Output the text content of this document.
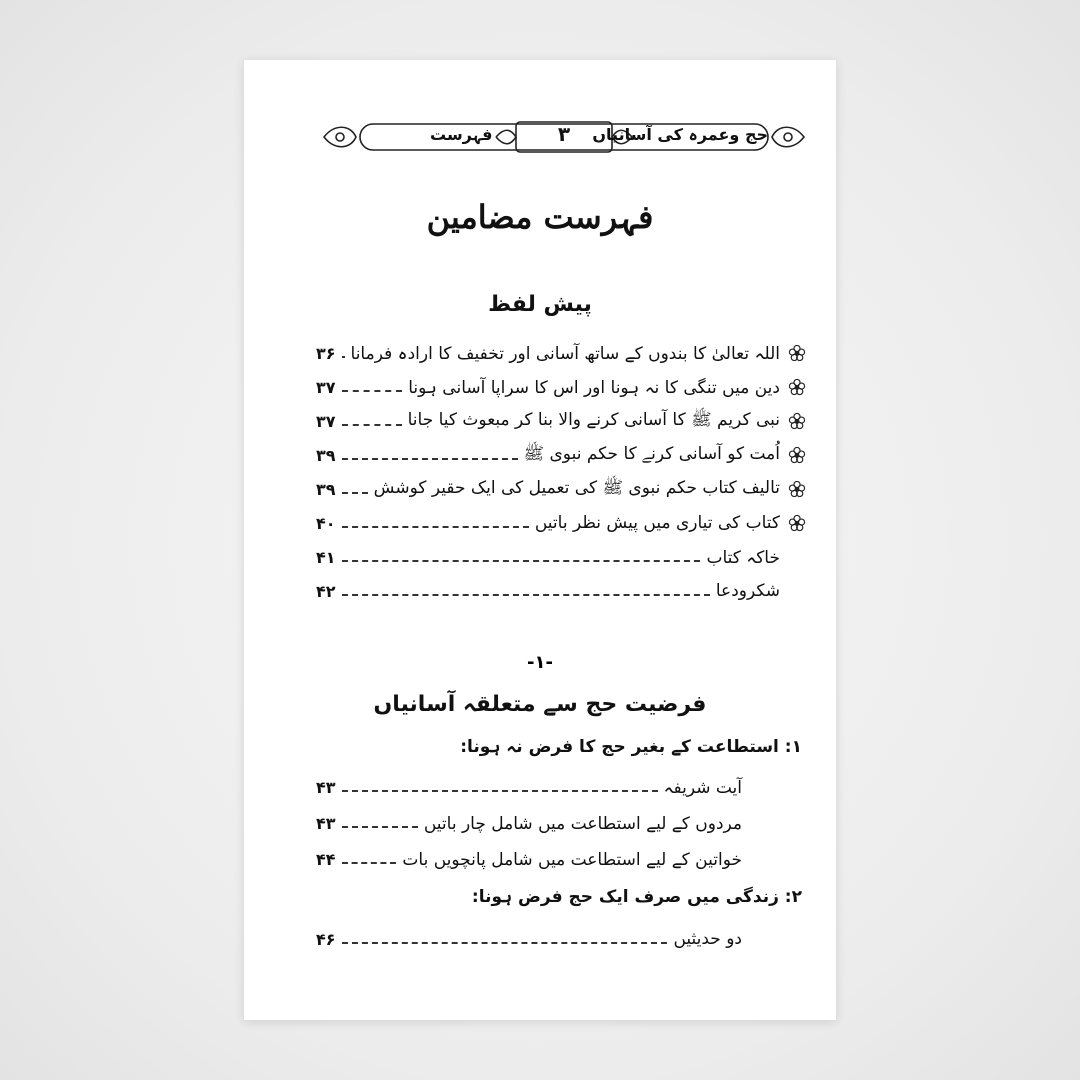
حج وعمرہ کی آسانیاں
۳
فہرست
فہرست مضامین
پیش لفظ
اللہ تعالیٰ کا بندوں کے ساتھ آسانی اور تخفیف کا ارادہ فرمانا
۳۶
دین میں تنگی کا نہ ہونا اور اس کا سراپا آسانی ہونا
۳۷
نبی کریم ﷺ کا آسانی کرنے والا بنا کر مبعوث کیا جانا
۳۷
اُمت کو آسانی کرنے کا حکم نبوی ﷺ
۳۹
تالیف کتاب حکم نبوی ﷺ کی تعمیل کی ایک حقیر کوشش
۳۹
کتاب کی تیاری میں پیش نظر باتیں
۴۰
خاکہ کتاب
۴۱
شکرودعا
۴۲
-۱-
فرضیت حج سے متعلقہ آسانیاں
۱: استطاعت کے بغیر حج کا فرض نہ ہونا:
آیت شریفہ
۴۳
مردوں کے لیے استطاعت میں شامل چار باتیں
۴۳
خواتین کے لیے استطاعت میں شامل پانچویں بات
۴۴
۲: زندگی میں صرف ایک حج فرض ہونا:
دو حدیثیں
۴۶
